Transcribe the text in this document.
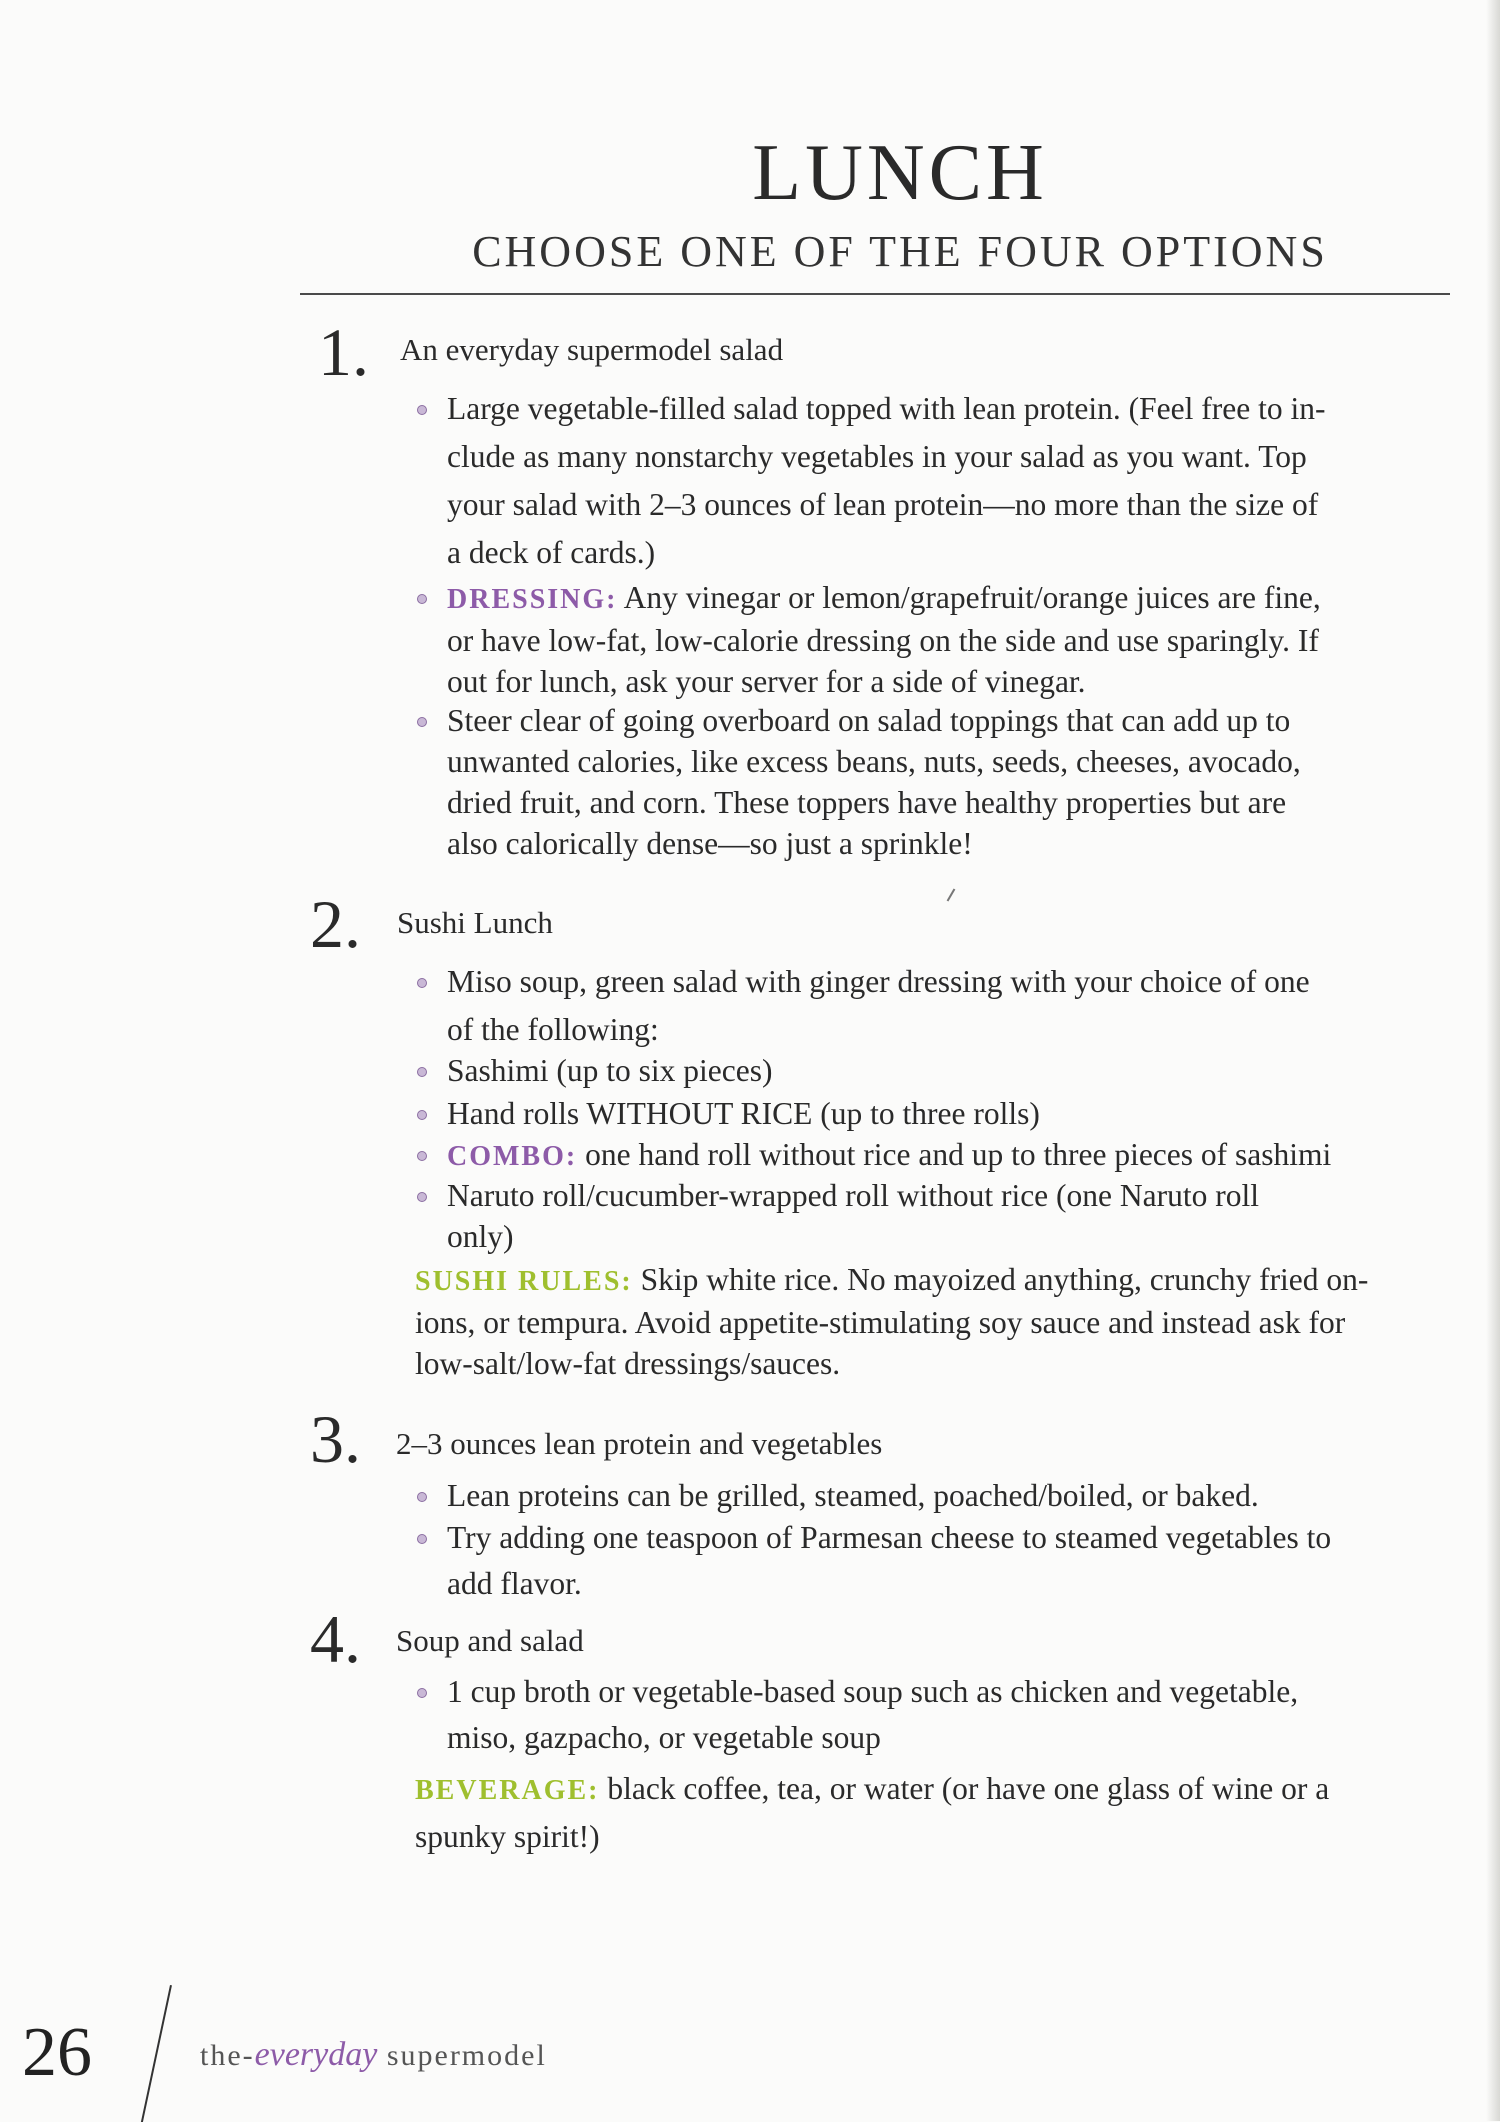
LUNCH
CHOOSE ONE OF THE FOUR OPTIONS
1. An everyday supermodel salad
Large vegetable-filled salad topped with lean protein. (Feel free to in-
clude as many nonstarchy vegetables in your salad as you want. Top
your salad with 2–3 ounces of lean protein—no more than the size of
a deck of cards.)
DRESSING: Any vinegar or lemon/grapefruit/orange juices are fine,
or have low-fat, low-calorie dressing on the side and use sparingly. If
out for lunch, ask your server for a side of vinegar.
Steer clear of going overboard on salad toppings that can add up to
unwanted calories, like excess beans, nuts, seeds, cheeses, avocado,
dried fruit, and corn. These toppers have healthy properties but are
also calorically dense—so just a sprinkle!
2. Sushi Lunch
Miso soup, green salad with ginger dressing with your choice of one
of the following:
Sashimi (up to six pieces)
Hand rolls WITHOUT RICE (up to three rolls)
COMBO: one hand roll without rice and up to three pieces of sashimi
Naruto roll/cucumber-wrapped roll without rice (one Naruto roll
only)
SUSHI RULES: Skip white rice. No mayoized anything, crunchy fried on-
ions, or tempura. Avoid appetite-stimulating soy sauce and instead ask for
low-salt/low-fat dressings/sauces.
3. 2–3 ounces lean protein and vegetables
Lean proteins can be grilled, steamed, poached/boiled, or baked.
Try adding one teaspoon of Parmesan cheese to steamed vegetables to
add flavor.
4. Soup and salad
1 cup broth or vegetable-based soup such as chicken and vegetable,
miso, gazpacho, or vegetable soup
BEVERAGE: black coffee, tea, or water (or have one glass of wine or a
spunky spirit!)
26	the-everyday supermodel
